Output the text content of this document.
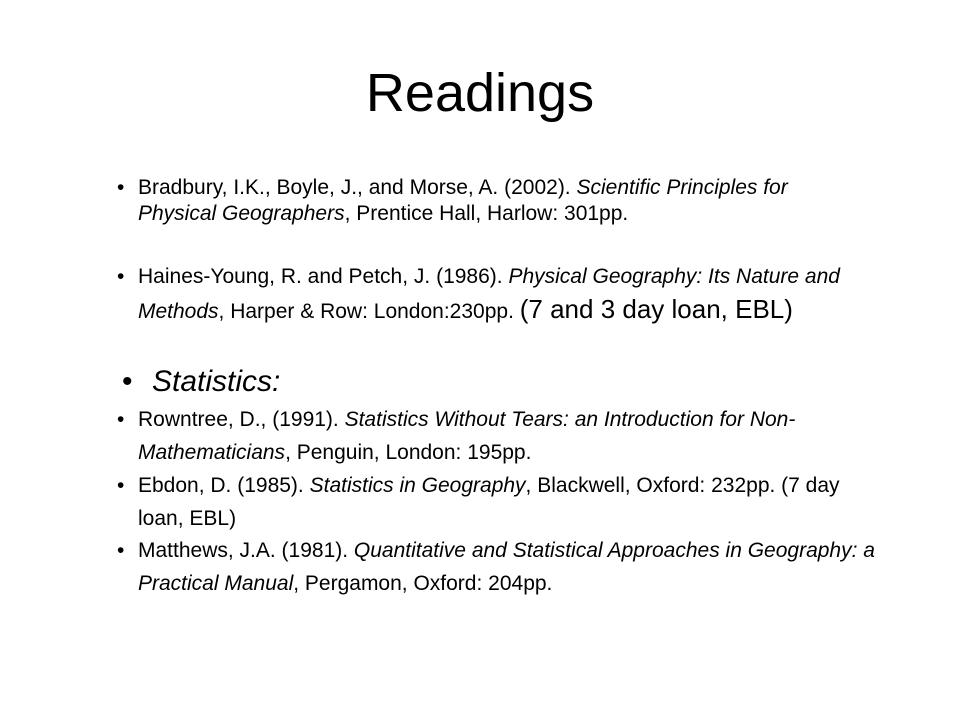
Readings
• Bradbury, I.K., Boyle, J., and Morse, A. (2002). Scientific Principles for Physical Geographers, Prentice Hall, Harlow: 301pp.
• Haines-Young, R. and Petch, J. (1986). Physical Geography: Its Nature and Methods, Harper & Row: London:230pp. (7 and 3 day loan, EBL)
• Statistics:
• Rowntree, D., (1991). Statistics Without Tears: an Introduction for Non-Mathematicians, Penguin, London: 195pp.
• Ebdon, D. (1985). Statistics in Geography, Blackwell, Oxford: 232pp. (7 day loan, EBL)
• Matthews, J.A. (1981). Quantitative and Statistical Approaches in Geography: a Practical Manual, Pergamon, Oxford: 204pp.
